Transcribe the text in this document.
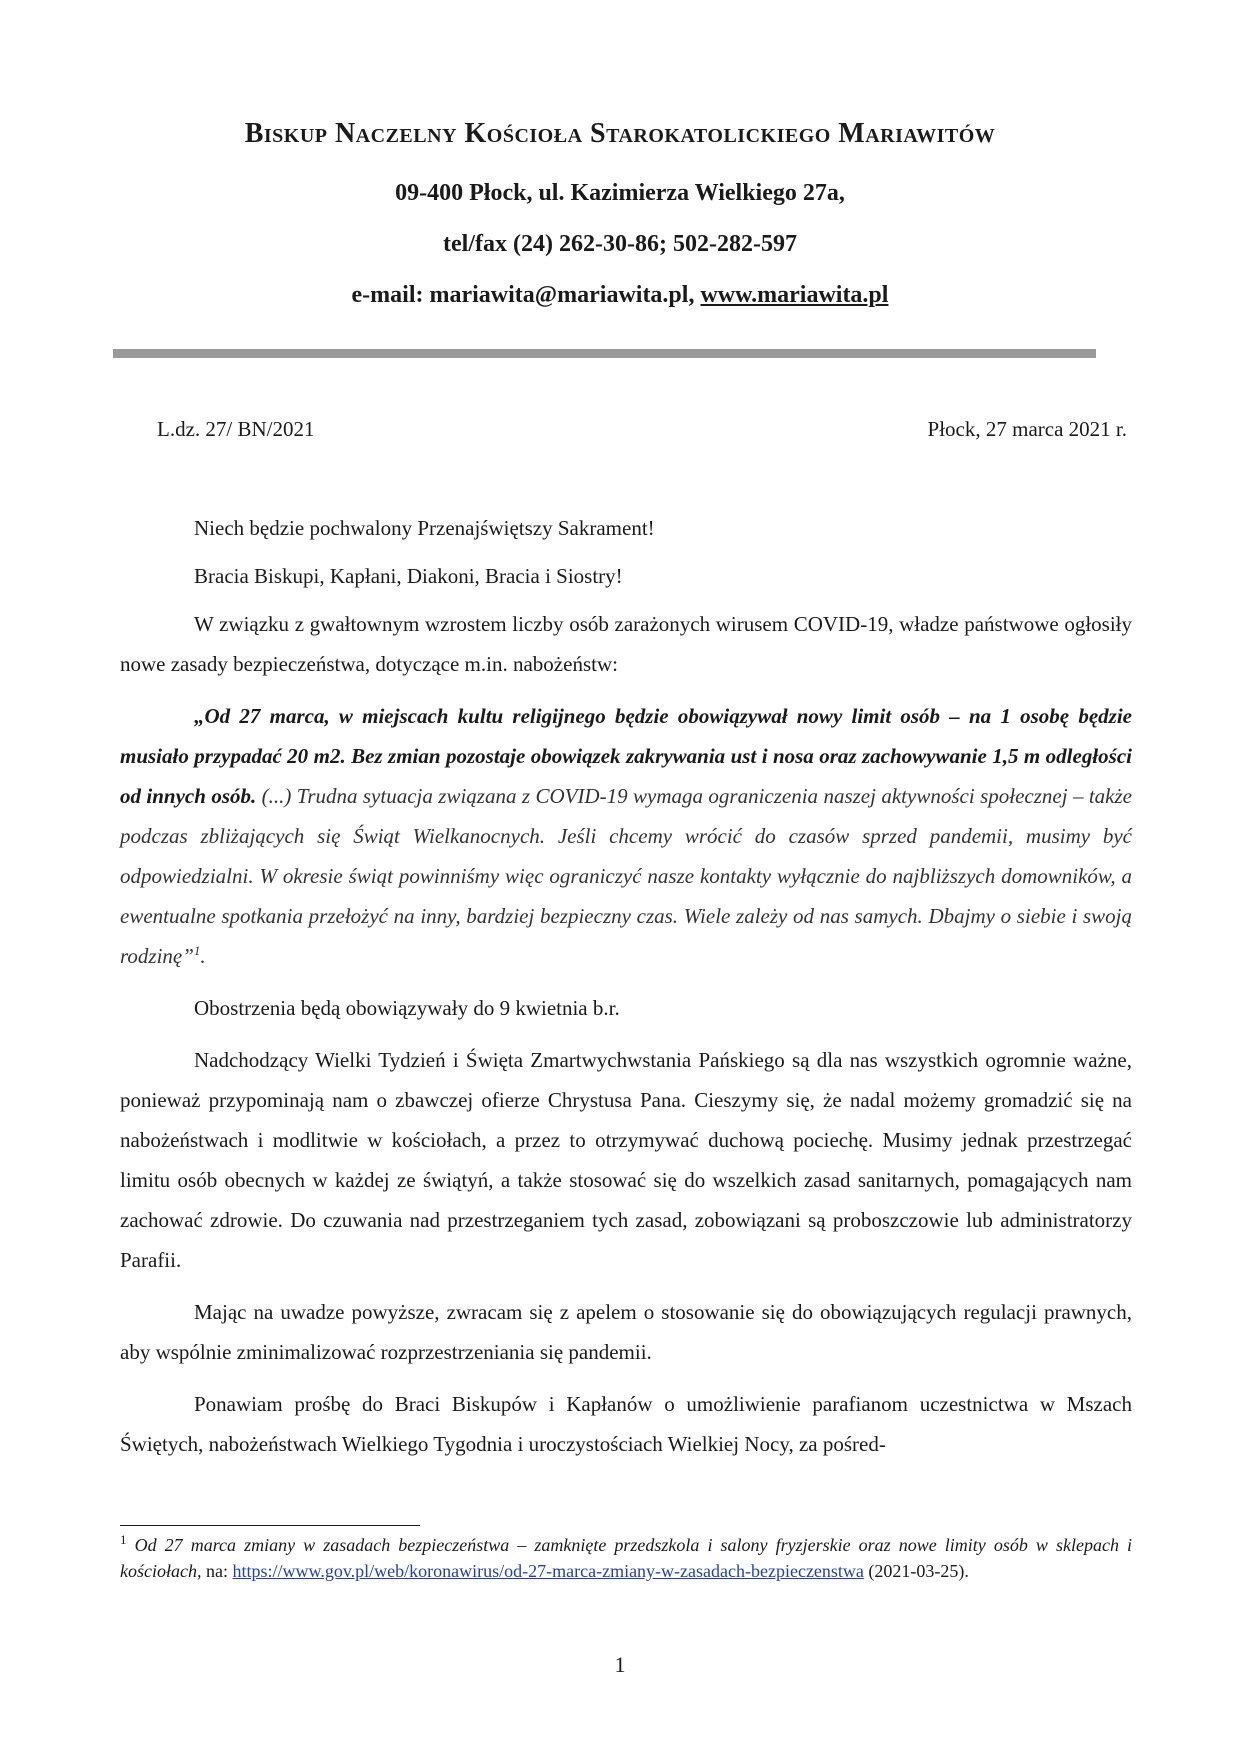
Biskup Naczelny Kościoła Starokatolickiego Mariawitów
09-400 Płock, ul. Kazimierza Wielkiego 27a,
tel/fax (24) 262-30-86; 502-282-597
e-mail: mariawita@mariawita.pl, www.mariawita.pl
L.dz. 27/ BN/2021	Płock, 27 marca 2021 r.

Niech będzie pochwalony Przenajświętszy Sakrament!

Bracia Biskupi, Kapłani, Diakoni, Bracia i Siostry!

W związku z gwałtownym wzrostem liczby osób zarażonych wirusem COVID-19, władze państwowe ogłosiły nowe zasady bezpieczeństwa, dotyczące m.in. nabożeństw:

„Od 27 marca, w miejscach kultu religijnego będzie obowiązywał nowy limit osób – na 1 osobę będzie musiało przypadać 20 m2. Bez zmian pozostaje obowiązek zakrywania ust i nosa oraz zachowywanie 1,5 m odległości od innych osób. (...) Trudna sytuacja związana z COVID-19 wymaga ograniczenia naszej aktywności społecznej – także podczas zbliżających się Świąt Wielkanocnych. Jeśli chcemy wrócić do czasów sprzed pandemii, musimy być odpowiedzialni. W okresie świąt powinniśmy więc ograniczyć nasze kontakty wyłącznie do najbliższych domowników, a ewentualne spotkania przełożyć na inny, bardziej bezpieczny czas. Wiele zależy od nas samych. Dbajmy o siebie i swoją rodzinę”$^1$.

Obostrzenia będą obowiązywały do 9 kwietnia b.r.

Nadchodzący Wielki Tydzień i Święta Zmartwychwstania Pańskiego są dla nas wszystkich ogromnie ważne, ponieważ przypominają nam o zbawczej ofierze Chrystusa Pana. Cieszymy się, że nadal możemy gromadzić się na nabożeństwach i modlitwie w kościołach, a przez to otrzymywać duchową pociechę. Musimy jednak przestrzegać limitu osób obecnych w każdej ze świątyń, a także stosować się do wszelkich zasad sanitarnych, pomagających nam zachować zdrowie. Do czuwania nad przestrzeganiem tych zasad, zobowiązani są proboszczowie lub administratorzy Parafii.

Mając na uwadze powyższe, zwracam się z apelem o stosowanie się do obowiązujących regulacji prawnych, aby wspólnie zminimalizować rozprzestrzeniania się pandemii.

Ponawiam prośbę do Braci Biskupów i Kapłanów o umożliwienie parafianom uczestnictwa w Mszach Świętych, nabożeństwach Wielkiego Tygodnia i uroczystościach Wielkiej Nocy, za pośred-

$^1$ Od 27 marca zmiany w zasadach bezpieczeństwa – zamknięte przedszkola i salony fryzjerskie oraz nowe limity osób w sklepach i kościołach, na: https://www.gov.pl/web/koronawirus/od-27-marca-zmiany-w-zasadach-bezpieczenstwa (2021-03-25).
1
